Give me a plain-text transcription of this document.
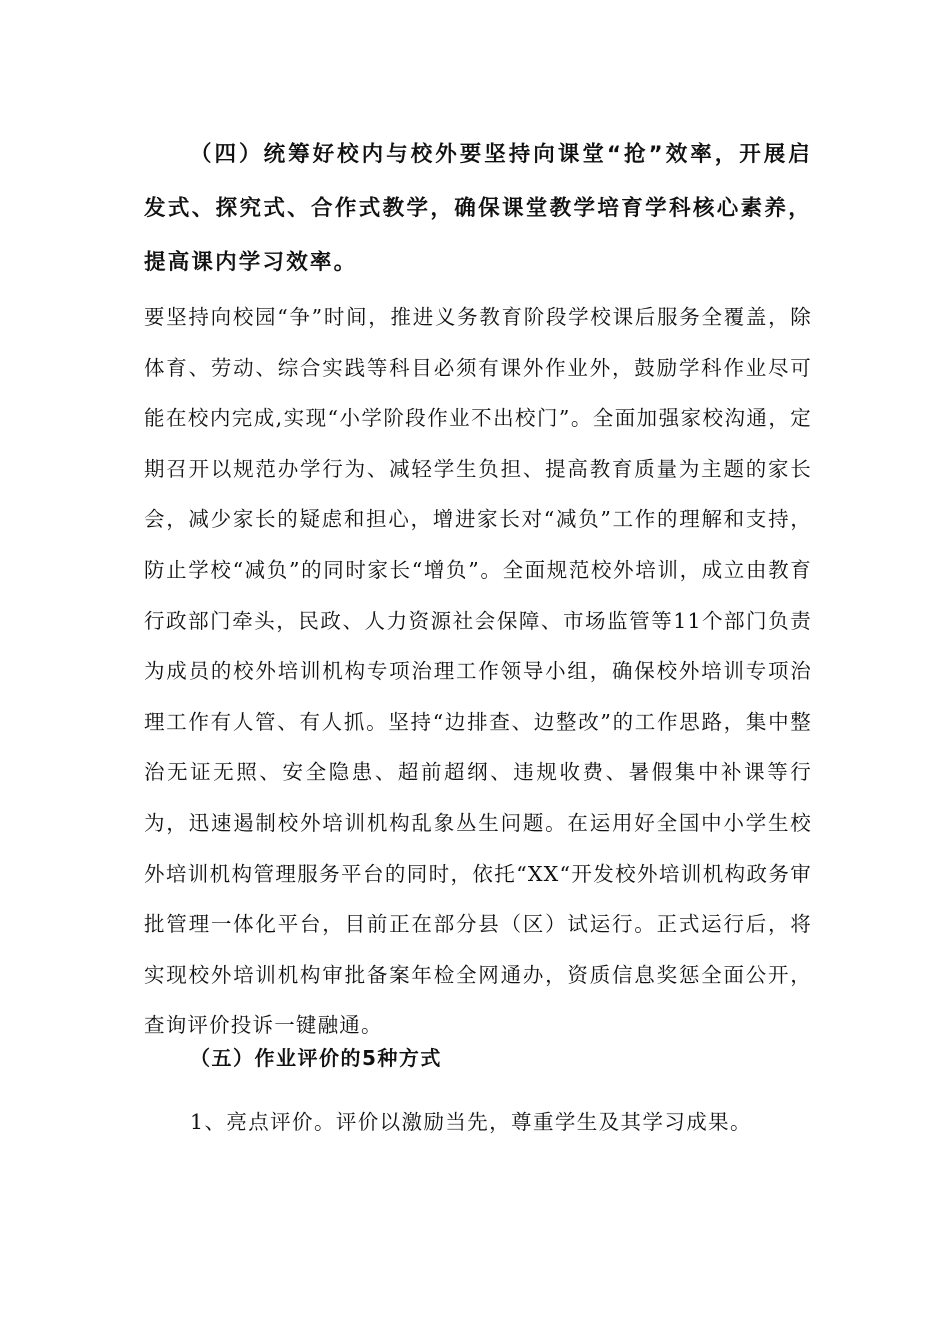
（四）统筹好校内与校外要坚持向课堂“抢”效率，开展启发式、探究式、合作式教学，确保课堂教学培育学科核心素养，提高课内学习效率。

要坚持向校园“争”时间，推进义务教育阶段学校课后服务全覆盖，除体育、劳动、综合实践等科目必须有课外作业外，鼓励学科作业尽可能在校内完成,实现“小学阶段作业不出校门”。全面加强家校沟通，定期召开以规范办学行为、减轻学生负担、提高教育质量为主题的家长会，减少家长的疑虑和担心，增进家长对“减负”工作的理解和支持，防止学校“减负”的同时家长“增负”。全面规范校外培训，成立由教育行政部门牵头，民政、人力资源社会保障、市场监管等11个部门负责为成员的校外培训机构专项治理工作领导小组，确保校外培训专项治理工作有人管、有人抓。坚持“边排查、边整改”的工作思路，集中整治无证无照、安全隐患、超前超纲、违规收费、暑假集中补课等行为，迅速遏制校外培训机构乱象丛生问题。在运用好全国中小学生校外培训机构管理服务平台的同时，依托“XX“开发校外培训机构政务审批管理一体化平台，目前正在部分县（区）试运行。正式运行后，将实现校外培训机构审批备案年检全网通办，资质信息奖惩全面公开，查询评价投诉一键融通。

（五）作业评价的5种方式

1、亮点评价。评价以激励当先，尊重学生及其学习成果。
